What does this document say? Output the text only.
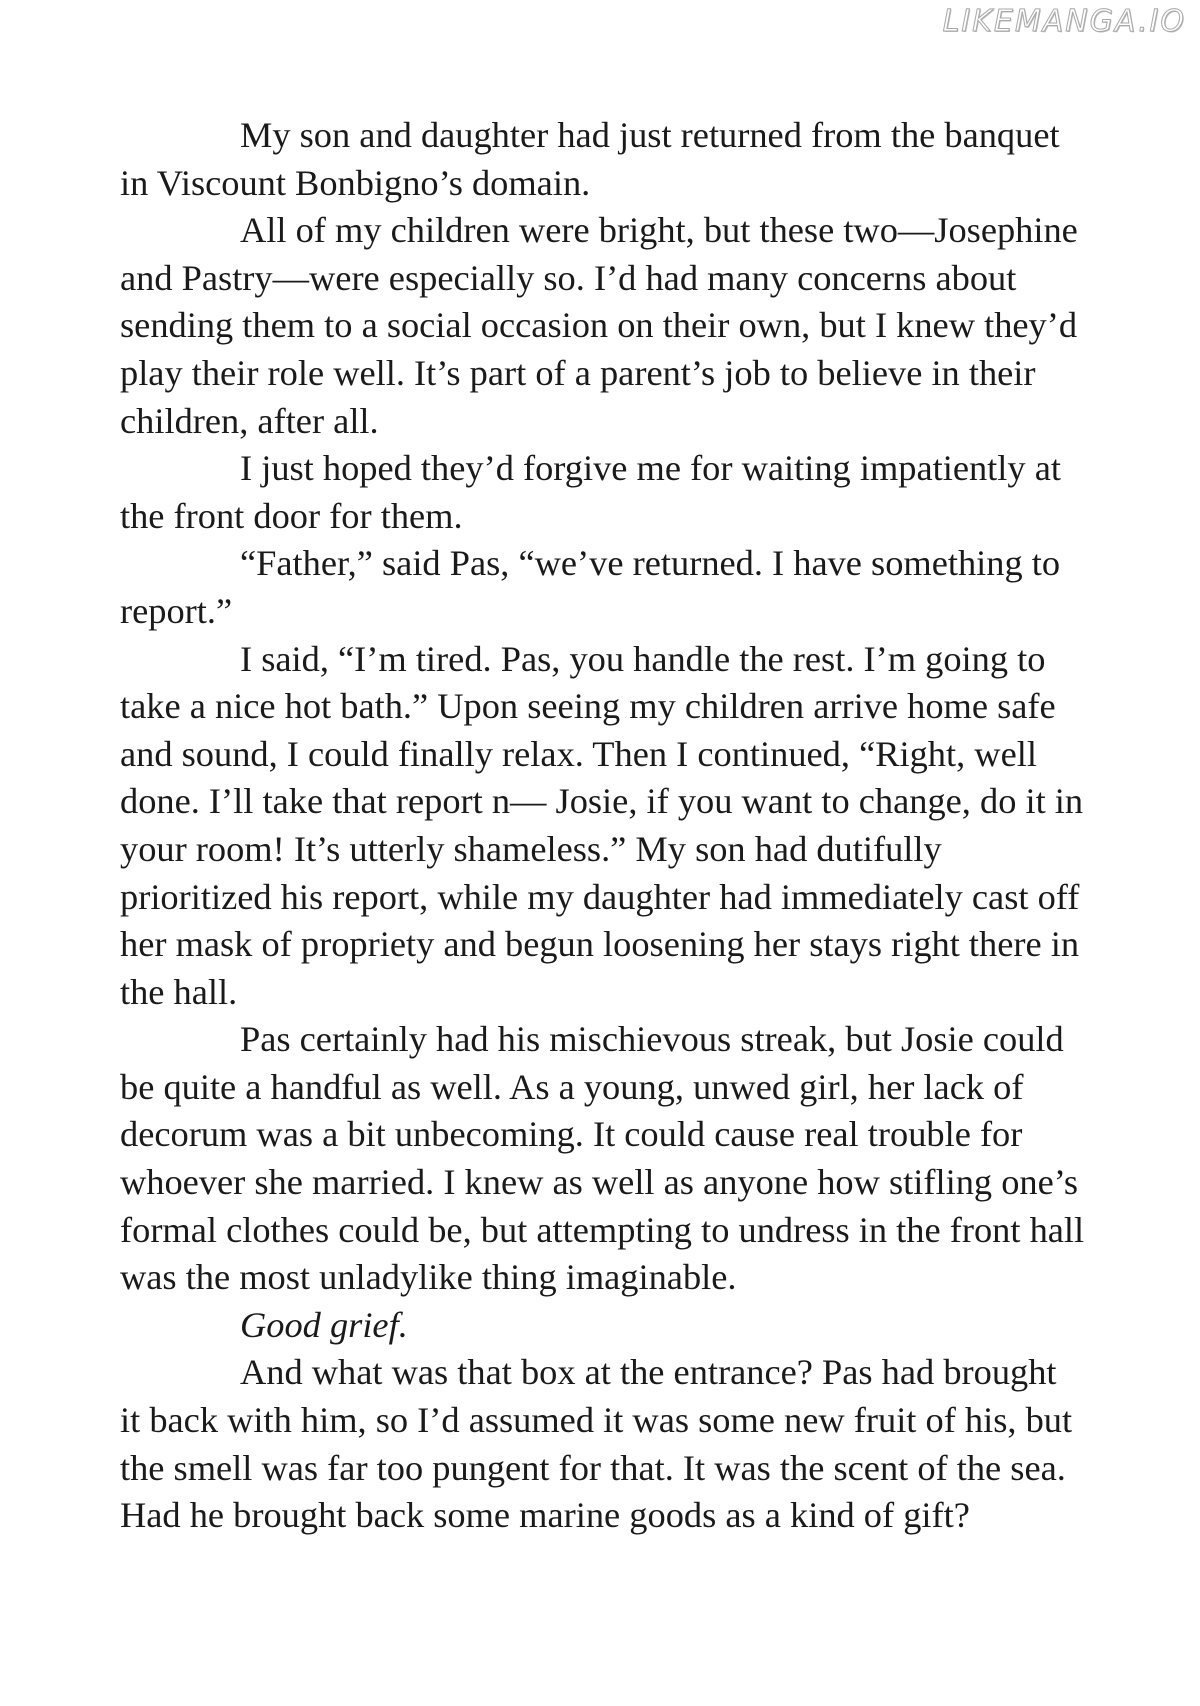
LIKEMANGA.IO

My son and daughter had just returned from the banquet in Viscount Bonbigno’s domain.

All of my children were bright, but these two—Josephine and Pastry—were especially so. I’d had many concerns about sending them to a social occasion on their own, but I knew they’d play their role well. It’s part of a parent’s job to believe in their children, after all.

I just hoped they’d forgive me for waiting impatiently at the front door for them.

“Father,” said Pas, “we’ve returned. I have something to report.”

I said, “I’m tired. Pas, you handle the rest. I’m going to take a nice hot bath.” Upon seeing my children arrive home safe and sound, I could finally relax. Then I continued, “Right, well done. I’ll take that report n— Josie, if you want to change, do it in your room! It’s utterly shameless.” My son had dutifully prioritized his report, while my daughter had immediately cast off her mask of propriety and begun loosening her stays right there in the hall.

Pas certainly had his mischievous streak, but Josie could be quite a handful as well. As a young, unwed girl, her lack of decorum was a bit unbecoming. It could cause real trouble for whoever she married. I knew as well as anyone how stifling one’s formal clothes could be, but attempting to undress in the front hall was the most unladylike thing imaginable.

Good grief.

And what was that box at the entrance? Pas had brought it back with him, so I’d assumed it was some new fruit of his, but the smell was far too pungent for that. It was the scent of the sea. Had he brought back some marine goods as a kind of gift?
